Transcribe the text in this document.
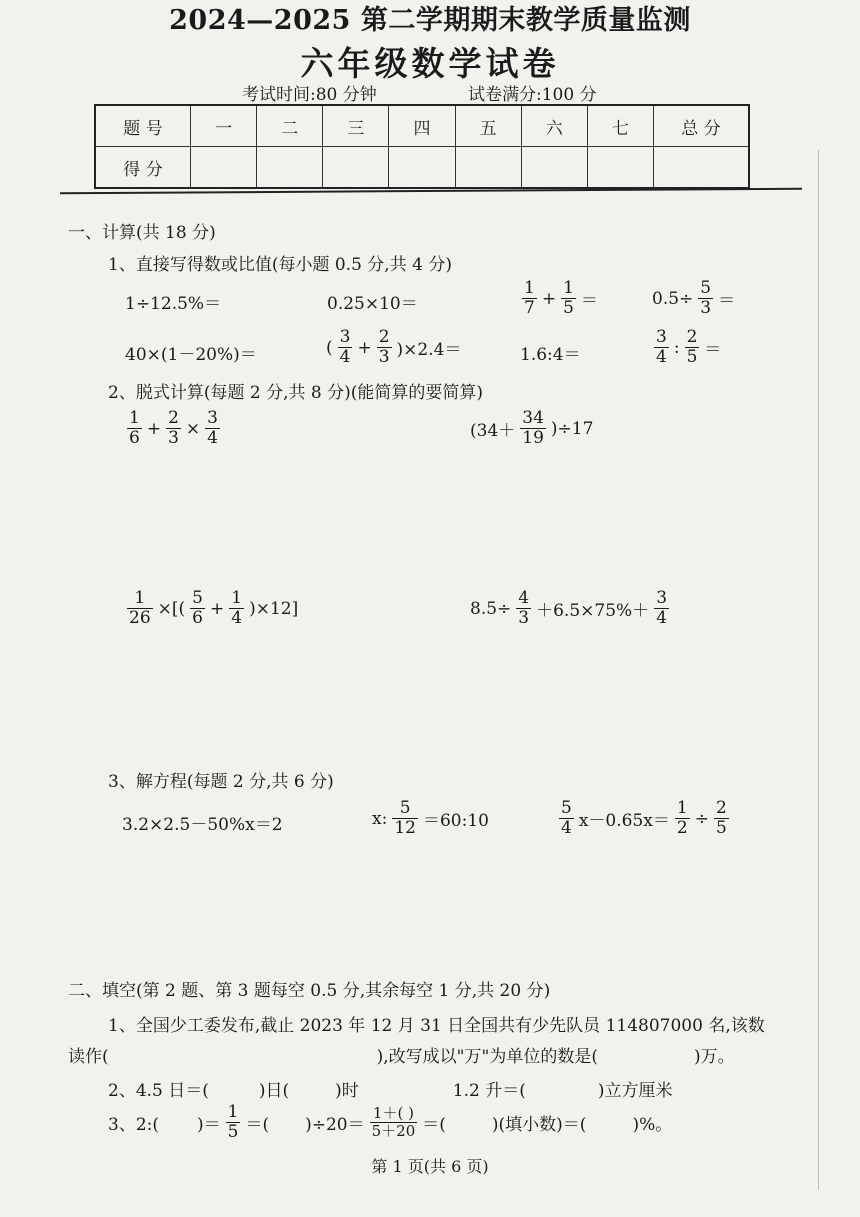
2024—2025 第二学期期末教学质量监测
六年级数学试卷
考试时间:80 分钟	试卷满分:100 分
题 号	一	二	三	四	五	六	七	总 分
得 分								
一、计算(共 18 分)
1、直接写得数或比值(每小题 0.5 分,共 4 分)
1÷12.5%＝	0.25×10＝	$\frac{1}{7} + \frac{1}{5}$ ＝	$0.5\div \frac{5}{3}$ ＝
40×(1－20%)＝	( $\frac{3}{4} + \frac{2}{3} )\times 2.4=$	1.6:4＝	$\frac{3}{4}$ : $\frac{2}{5}$ ＝
2、脱式计算(每题 2 分,共 8 分)(能简算的要简算)
$\frac{1}{6} + \frac{2}{3} \times \frac{3}{4}$	$(34+ \frac{34}{19} )\div 17$
$\frac{1}{26}$ ×[( $\frac{5}{6} + \frac{1}{4} )\times 12$]	$8.5\div \frac{4}{3} +6.5\times 75\%+ \frac{3}{4}$
3、解方程(每题 2 分,共 6 分)
3.2×2.5－50%x＝2	x: $\frac{5}{12}$ ＝60:10	$\frac{5}{4} x-0.65x= \frac{1}{2} \div \frac{2}{5}$
二、填空(第 2 题、第 3 题每空 0.5 分,其余每空 1 分,共 20 分)
1、全国少工委发布,截止 2023 年 12 月 31 日全国共有少先队员 114807000 名,该数
读作(	),改写成以"万"为单位的数是(	)万。
2、4.5 日＝(	)日(	)时	1.2 升＝(	)立方厘米
3、2:( )＝ $\frac{1}{5}$ ＝( )$\div 20= \frac{1+( )}{5+20}$ ＝(	)(填小数)＝(	)%。
第 1 页(共 6 页)
